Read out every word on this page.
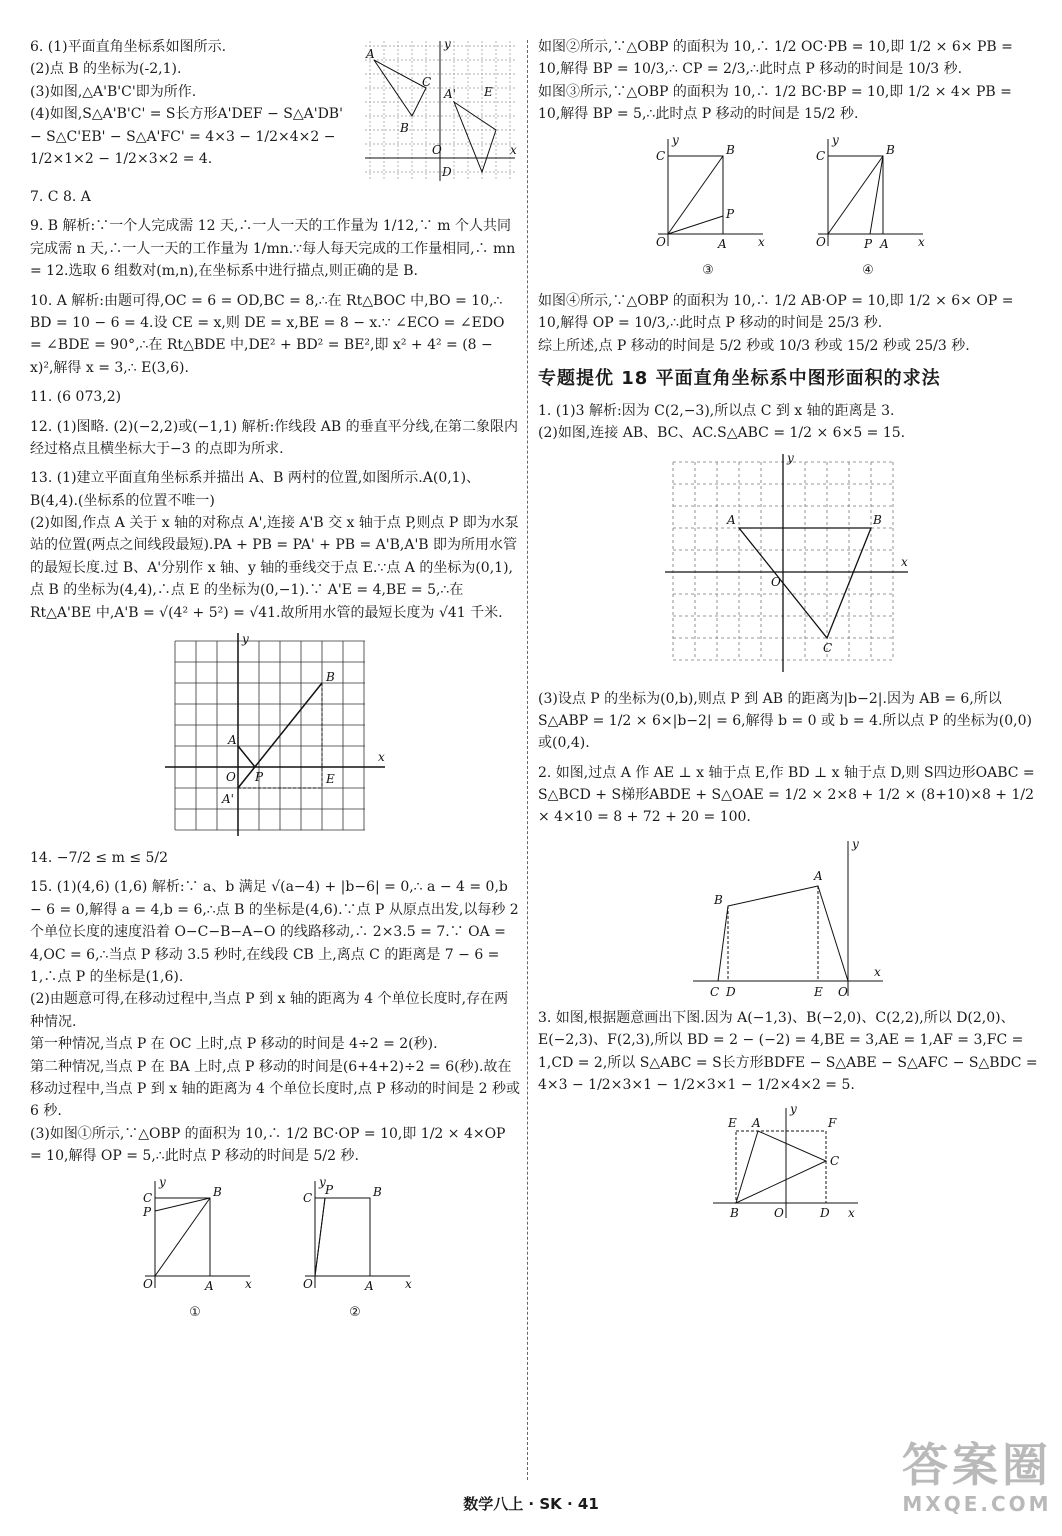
6. (1)平面直角坐标系如图所示.

(2)点 B 的坐标为(-2,1).

(3)如图,△A'B'C'即为所作.

(4)如图,S△A'B'C' = S长方形A'DEF − S△A'DB' − S△C'EB' − S△A'FC' = 4×3 − 1/2×4×2 − 1/2×1×2 − 1/2×3×2 = 4.

A
B
C
A' E
D
O	x
y

7. C 8. A

9. B 解析:∵一个人完成需 12 天,∴一人一天的工作量为 1/12,∵ m 个人共同完成需 n 天,∴一人一天的工作量为 1/mn.∵每人每天完成的工作量相同,∴ mn = 12.选取 6 组数对(m,n),在坐标系中进行描点,则正确的是 B.

10. A 解析:由题可得,OC = 6 = OD,BC = 8,∴在 Rt△BOC 中,BO = 10,∴ BD = 10 − 6 = 4.设 CE = x,则 DE = x,BE = 8 − x.∵ ∠ECO = ∠EDO = ∠BDE = 90°,∴在 Rt△BDE 中,DE² + BD² = BE²,即 x² + 4² = (8 − x)²,解得 x = 3,∴ E(3,6).

11. (6 073,2)

12. (1)图略. (2)(−2,2)或(−1,1) 解析:作线段 AB 的垂直平分线,在第二象限内经过格点且横坐标大于−3 的点即为所求.

13. (1)建立平面直角坐标系并描出 A、B 两村的位置,如图所示.A(0,1)、B(4,4).(坐标系的位置不唯一)

(2)如图,作点 A 关于 x 轴的对称点 A',连接 A'B 交 x 轴于点 P,则点 P 即为水泵站的位置(两点之间线段最短).PA + PB = PA' + PB = A'B,A'B 即为所用水管的最短长度.过 B、A'分别作 x 轴、y 轴的垂线交于点 E.∵点 A 的坐标为(0,1),点 B 的坐标为(4,4),∴点 E 的坐标为(0,−1).∵ A'E = 4,BE = 5,∴在 Rt△A'BE 中,A'B = √(4² + 5²) = √41.故所用水管的最短长度为 √41 千米.

B
A
O P	E
A'
x
y

14. −7/2 ≤ m ≤ 5/2

15. (1)(4,6) (1,6) 解析:∵ a、b 满足 √(a−4) + |b−6| = 0,∴ a − 4 = 0,b − 6 = 0,解得 a = 4,b = 6,∴点 B 的坐标是(4,6).∵点 P 从原点出发,以每秒 2 个单位长度的速度沿着 O−C−B−A−O 的线路移动,∴ 2×3.5 = 7.∵ OA = 4,OC = 6,∴当点 P 移动 3.5 秒时,在线段 CB 上,离点 C 的距离是 7 − 6 = 1,∴点 P 的坐标是(1,6).

(2)由题意可得,在移动过程中,当点 P 到 x 轴的距离为 4 个单位长度时,存在两种情况.

第一种情况,当点 P 在 OC 上时,点 P 移动的时间是 4÷2 = 2(秒).

第二种情况,当点 P 在 BA 上时,点 P 移动的时间是(6+4+2)÷2 = 6(秒).故在移动过程中,当点 P 到 x 轴的距离为 4 个单位长度时,点 P 移动的时间是 2 秒或 6 秒.

(3)如图①所示,∵△OBP 的面积为 10,∴ 1/2 BC·OP = 10,即 1/2 × 4×OP = 10,解得 OP = 5,∴此时点 P 移动的时间是 5/2 秒.

C
P
B
O	A	x
y
①
C
P	B
O	A	x
y
②

如图②所示,∵△OBP 的面积为 10,∴ 1/2 OC·PB = 10,即 1/2 × 6× PB = 10,解得 BP = 10/3,∴ CP = 2/3,∴此时点 P 移动的时间是 10/3 秒.

如图③所示,∵△OBP 的面积为 10,∴ 1/2 BC·BP = 10,即 1/2 × 4× PB = 10,解得 BP = 5,∴此时点 P 移动的时间是 15/2 秒.

C	B
P
O	A	x
y
③
C	B
P
O	A x
y
④

如图④所示,∵△OBP 的面积为 10,∴ 1/2 AB·OP = 10,即 1/2 × 6× OP = 10,解得 OP = 10/3,∴此时点 P 移动的时间是 25/3 秒.

综上所述,点 P 移动的时间是 5/2 秒或 10/3 秒或 15/2 秒或 25/3 秒.

专题提优 18 平面直角坐标系中图形面积的求法

1. (1)3 解析:因为 C(2,−3),所以点 C 到 x 轴的距离是 3.

(2)如图,连接 AB、BC、AC.S△ABC = 1/2 × 6×5 = 15.

A	B
C
O
x
y

(3)设点 P 的坐标为(0,b),则点 P 到 AB 的距离为|b−2|.因为 AB = 6,所以 S△ABP = 1/2 × 6×|b−2| = 6,解得 b = 0 或 b = 4.所以点 P 的坐标为(0,0)或(0,4).

2. 如图,过点 A 作 AE ⊥ x 轴于点 E,作 BD ⊥ x 轴于点 D,则 S四边形OABC = S△BCD + S梯形ABDE + S△OAE = 1/2 × 2×8 + 1/2 × (8+10)×8 + 1/2 × 4×10 = 8 + 72 + 20 = 100.

B
A
C D	E O
x
y

3. 如图,根据题意画出下图.因为 A(−1,3)、B(−2,0)、C(2,2),所以 D(2,0)、E(−2,3)、F(2,3),所以 BD = 2 − (−2) = 4,BE = 3,AE = 1,AF = 3,FC = 1,CD = 2,所以 S△ABC = S长方形BDFE − S△ABE − S△AFC − S△BDC = 4×3 − 1/2×3×1 − 1/2×3×1 − 1/2×4×2 = 5.

E A	F
C
B	O	D x
y
数学八上 · SK · 41
答案圈
MXQE.COM
